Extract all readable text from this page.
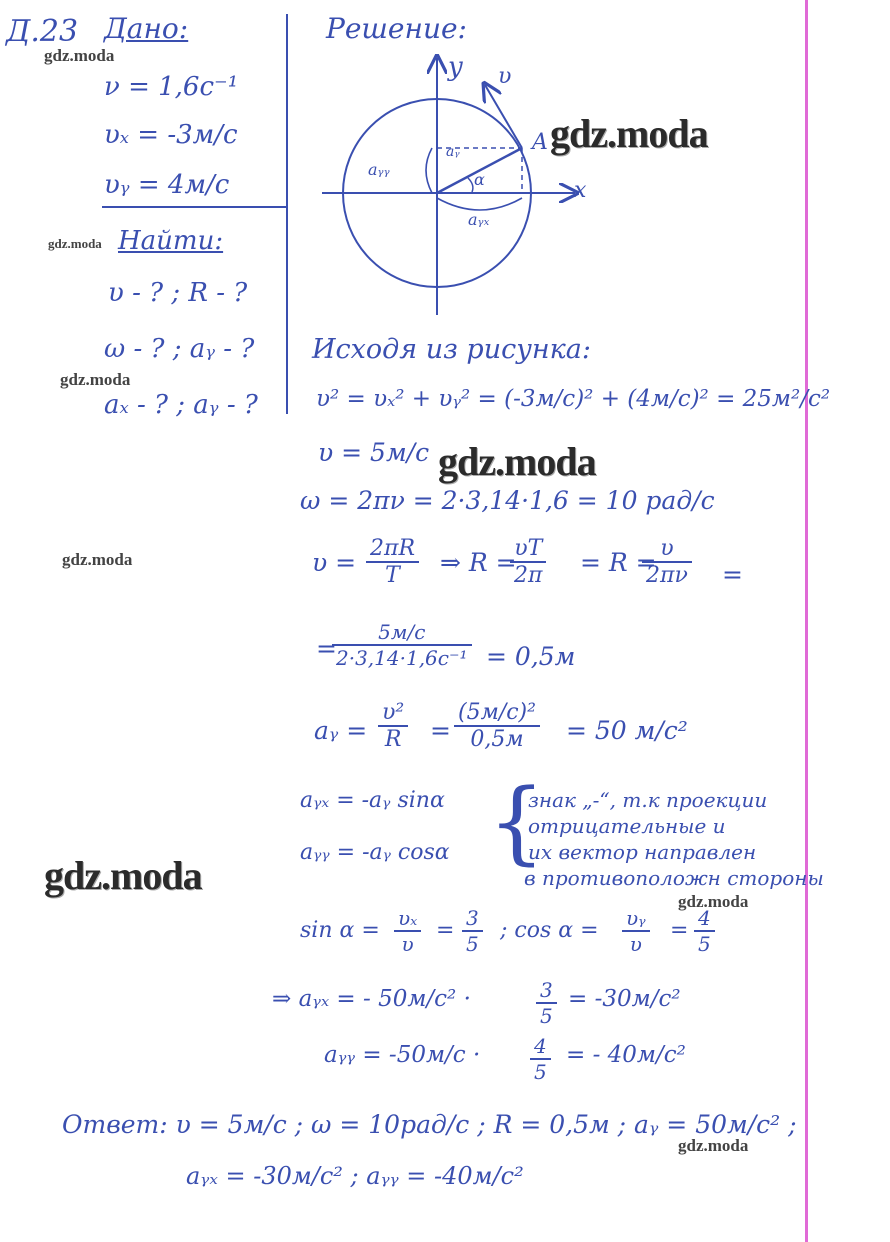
Д.23 Дано:
ν = 1,6с⁻¹
υₓ = -3м/с
υᵧ = 4м/с
Найти:
υ - ? ; R - ?
ω - ? ; aᵧ - ?
aₓ - ? ; aᵧ - ?
Решение:
y
x
A
υ
aᵧ
α
aᵧₓ
aᵧᵧ
Исходя из рисунка:
υ² = υₓ² + υᵧ² = (-3м/с)² + (4м/с)² = 25м²/с²
υ = 5м/с
ω = 2πν = 2·3,14·1,6 = 10 рад/с
$\upsilon = \frac{2\pi R}{T}$ ⇒ R =
$\frac{\upsilon T}{2\pi} = R$ =
$\frac{\upsilon}{2\pi\nu}$ =
=
5м/с
2·3,14·1,6с⁻¹ = 0,5м
aᵧ = $\frac{\text{υ²}}{R}$ =
(5м/с)²
0,5м	= 50 м/с²
aᵧₓ = -aᵧ sinα
aᵧᵧ = -aᵧ cosα {
знак „-“, т.к проекции
отрицательные и
их вектор направлен
в противоположн стороны
$\sin \alpha = \frac{\text{υₓ}}{\upsilon} = \frac{3}{5}$ ; $\cos \alpha = \frac{\text{υᵧ}}{\upsilon} = \frac{4}{5}$
⇒ aᵧₓ = - 50м/с² ·	$\frac{3}{5} = -30м/с^2$
aᵧᵧ = $-50м/с \cdot \frac{4}{5}$ = - 40м/с²
Ответ: υ = 5м/с ; ω = 10рад/с ; R = 0,5м ; aᵧ = 50м/с² ;
aᵧₓ = -30м/с² ; aᵧᵧ = -40м/с²
gdz.moda
gdz.moda
gdz.moda
gdz.moda
gdz.moda
gdz.moda
gdz.moda
gdz.moda
gdz.moda
